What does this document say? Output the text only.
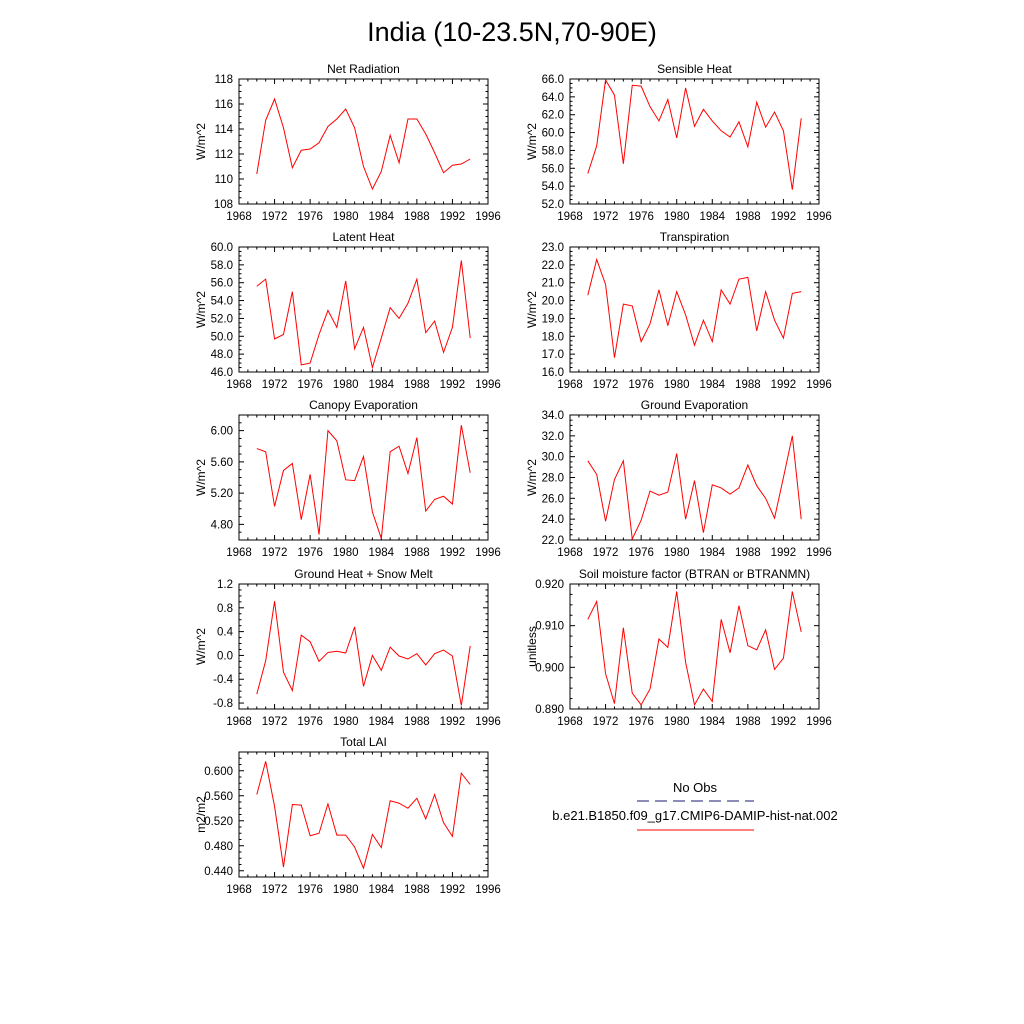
India (10-23.5N,70-90E)
Net Radiation
W/m^2
1968 1972 1976 1980 1984 1988 1992 1996
108
110
112
114
116
118
Sensible Heat
W/m^2
1968 1972 1976 1980 1984 1988 1992 1996
52.0
54.0
56.0
58.0
60.0
62.0
64.0
66.0
Latent Heat
W/m^2
1968 1972 1976 1980 1984 1988 1992 1996
46.0
48.0
50.0
52.0
54.0
56.0
58.0
60.0
Transpiration
W/m^2
1968 1972 1976 1980 1984 1988 1992 1996
16.0
17.0
18.0
19.0
20.0
21.0
22.0
23.0
Canopy Evaporation
W/m^2
1968 1972 1976 1980 1984 1988 1992 1996
4.80
5.20
5.60
6.00
Ground Evaporation
W/m^2
1968 1972 1976 1980 1984 1988 1992 1996
22.0
24.0
26.0
28.0
30.0
32.0
34.0
Ground Heat + Snow Melt
W/m^2
1968 1972 1976 1980 1984 1988 1992 1996
-0.8
-0.4
0.0
0.4
0.8
1.2
Soil moisture factor (BTRAN or BTRANMN)
unitless
1968 1972 1976 1980 1984 1988 1992 1996
0.890
0.900
0.910
0.920
Total LAI
m2/m2
1968 1972 1976 1980 1984 1988 1992 1996
0.440
0.480
0.520
0.560
0.600
No Obs
b.e21.B1850.f09_g17.CMIP6-DAMIP-hist-nat.002
